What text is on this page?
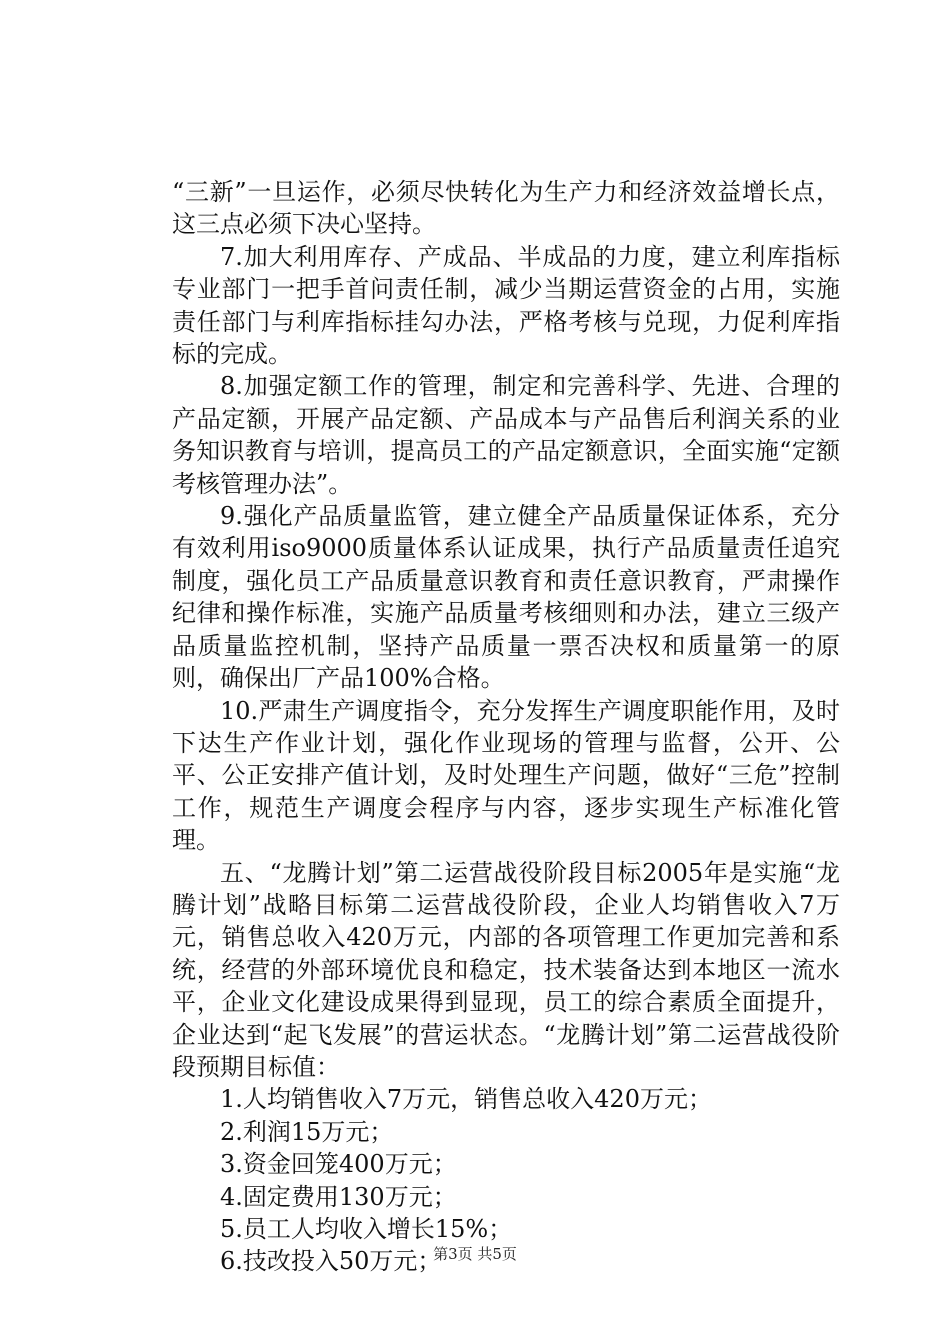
“三新”一旦运作，必须尽快转化为生产力和经济效益增长点，这三点必须下决心坚持。

7.加大利用库存、产成品、半成品的力度，建立利库指标专业部门一把手首问责任制，减少当期运营资金的占用，实施责任部门与利库指标挂勾办法，严格考核与兑现，力促利库指标的完成。

8.加强定额工作的管理，制定和完善科学、先进、合理的产品定额，开展产品定额、产品成本与产品售后利润关系的业务知识教育与培训，提高员工的产品定额意识，全面实施“定额考核管理办法”。

9.强化产品质量监管，建立健全产品质量保证体系，充分有效利用iso9000质量体系认证成果，执行产品质量责任追究制度，强化员工产品质量意识教育和责任意识教育，严肃操作纪律和操作标准，实施产品质量考核细则和办法，建立三级产品质量监控机制，坚持产品质量一票否决权和质量第一的原则，确保出厂产品100%合格。

10.严肃生产调度指令，充分发挥生产调度职能作用，及时下达生产作业计划，强化作业现场的管理与监督，公开、公平、公正安排产值计划，及时处理生产问题，做好“三危”控制工作，规范生产调度会程序与内容，逐步实现生产标准化管理。

五、“龙腾计划”第二运营战役阶段目标2005年是实施“龙腾计划”战略目标第二运营战役阶段，企业人均销售收入7万元，销售总收入420万元，内部的各项管理工作更加完善和系统，经营的外部环境优良和稳定，技术装备达到本地区一流水平，企业文化建设成果得到显现，员工的综合素质全面提升，企业达到“起飞发展”的营运状态。“龙腾计划”第二运营战役阶段预期目标值：

1.人均销售收入7万元，销售总收入420万元；

2.利润15万元；

3.资金回笼400万元；

4.固定费用130万元；

5.员工人均收入增长15%；

6.技改投入50万元；

第3页 共5页
